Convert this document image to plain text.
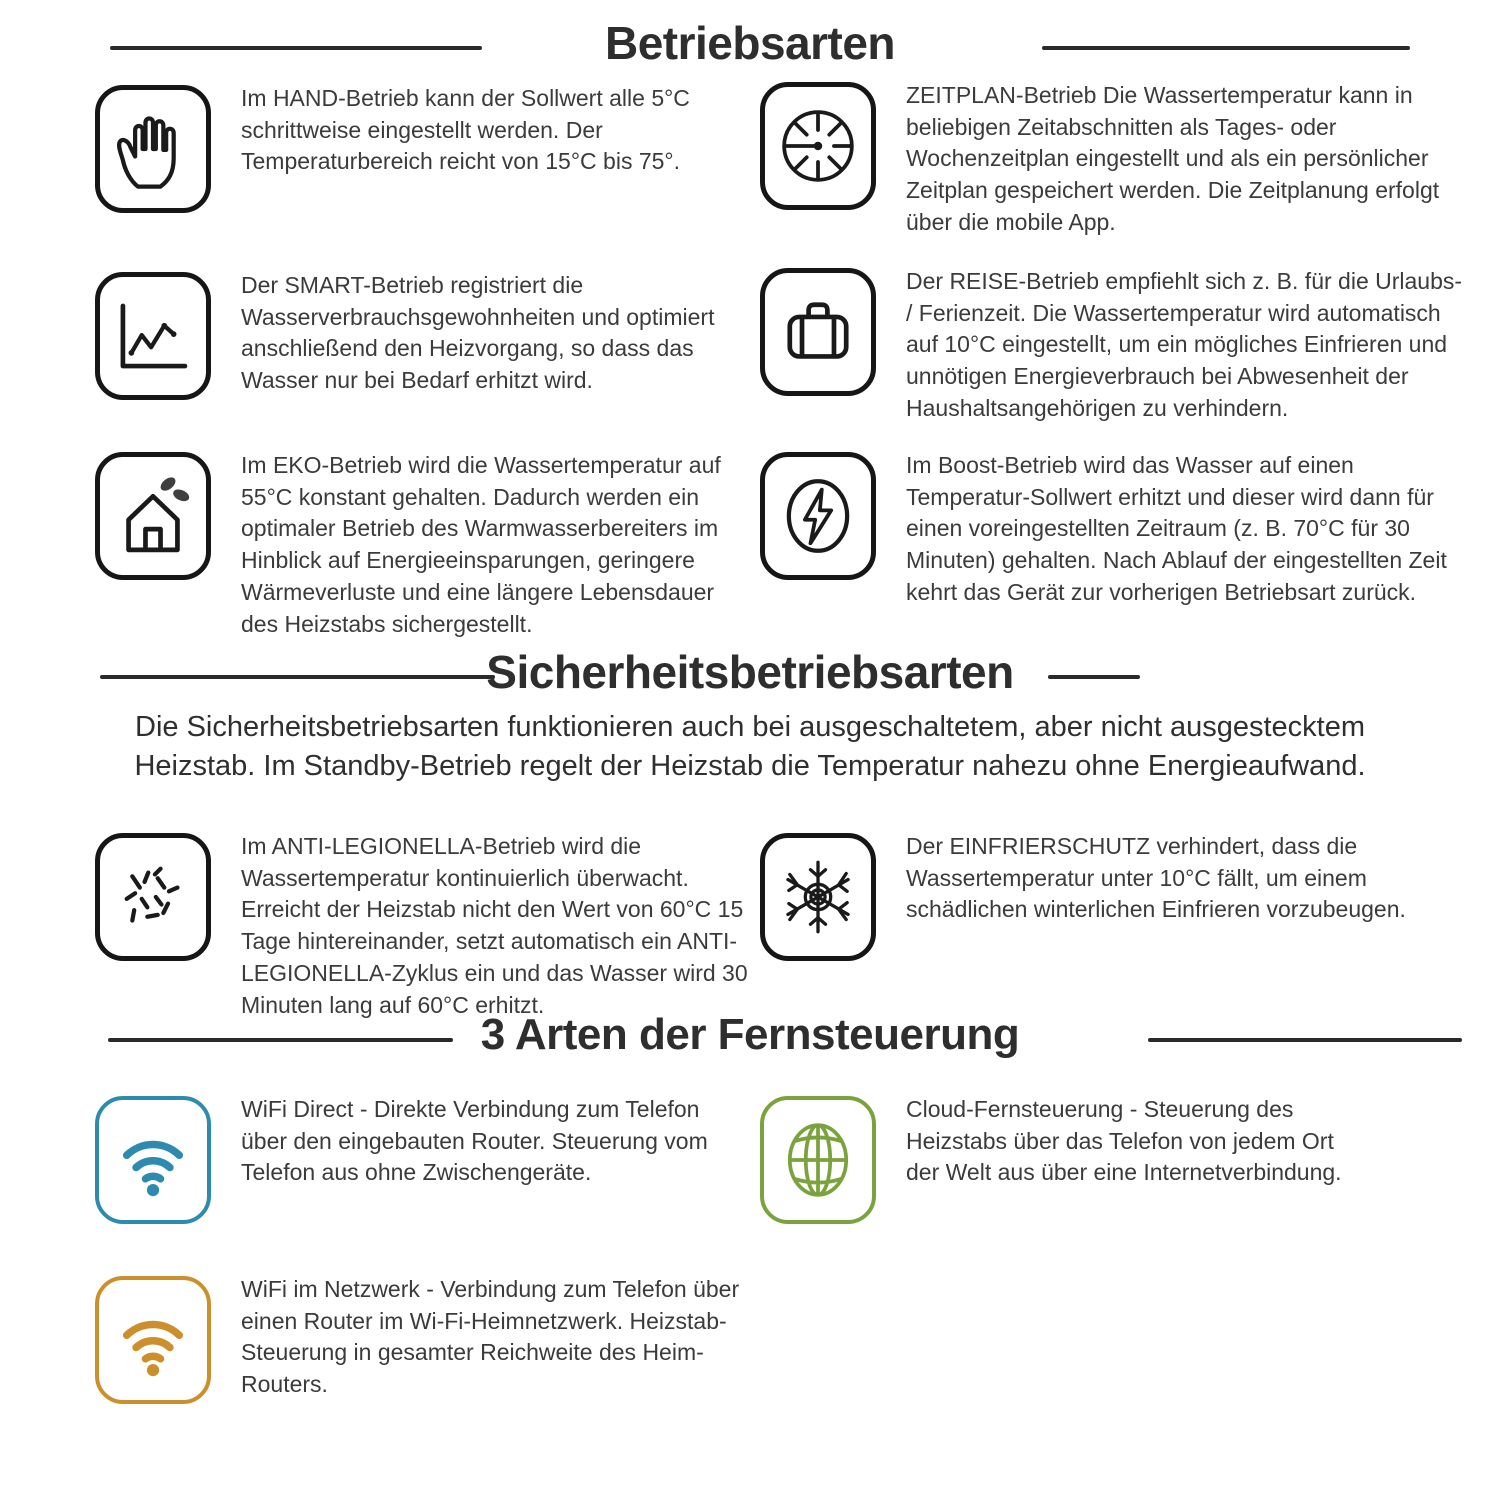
Betriebsarten
Im HAND-Betrieb kann der Sollwert alle 5°C schrittweise eingestellt werden. Der Temperaturbereich reicht von 15°C bis 75°.
ZEITPLAN-Betrieb Die Wassertemperatur kann in beliebigen Zeitabschnitten als Tages- oder Wochenzeitplan eingestellt und als ein persönlicher Zeitplan gespeichert werden. Die Zeitplanung erfolgt über die mobile App.
Der SMART-Betrieb registriert die Wasserverbrauchsgewohnheiten und optimiert anschließend den Heizvorgang, so dass das Wasser nur bei Bedarf erhitzt wird.
Der REISE-Betrieb empfiehlt sich z. B. für die Urlaubs- / Ferienzeit. Die Wassertemperatur wird automatisch auf 10°C eingestellt, um ein mögliches Einfrieren und unnötigen Energieverbrauch bei Abwesenheit der Haushaltsangehörigen zu verhindern.
Im EKO-Betrieb wird die Wassertemperatur auf 55°C konstant gehalten. Dadurch werden ein optimaler Betrieb des Warmwasserbereiters im Hinblick auf Energieeinsparungen, geringere Wärmeverluste und eine längere Lebensdauer des Heizstabs sichergestellt.
Im Boost-Betrieb wird das Wasser auf einen Temperatur-Sollwert erhitzt und dieser wird dann für einen voreingestellten Zeitraum (z. B. 70°C für 30 Minuten) gehalten. Nach Ablauf der eingestellten Zeit kehrt das Gerät zur vorherigen Betriebsart zurück.
Sicherheitsbetriebsarten
Die Sicherheitsbetriebsarten funktionieren auch bei ausgeschaltetem, aber nicht ausgestecktem Heizstab. Im Standby-Betrieb regelt der Heizstab die Temperatur nahezu ohne Energieaufwand.
Im ANTI-LEGIONELLA-Betrieb wird die Wassertemperatur kontinuierlich überwacht. Erreicht der Heizstab nicht den Wert von 60°C 15 Tage hintereinander, setzt automatisch ein ANTI-LEGIONELLA-Zyklus ein und das Wasser wird 30 Minuten lang auf 60°C erhitzt.
Der EINFRIERSCHUTZ verhindert, dass die Wassertemperatur unter 10°C fällt, um einem schädlichen winterlichen Einfrieren vorzubeugen.
3 Arten der Fernsteuerung
WiFi Direct - Direkte Verbindung zum Telefon über den eingebauten Router. Steuerung vom Telefon aus ohne Zwischengeräte.
Cloud-Fernsteuerung - Steuerung des Heizstabs über das Telefon von jedem Ort der Welt aus über eine Internetverbindung.
WiFi im Netzwerk - Verbindung zum Telefon über einen Router im Wi-Fi-Heimnetzwerk. Heizstab-Steuerung in gesamter Reichweite des Heim-Routers.
